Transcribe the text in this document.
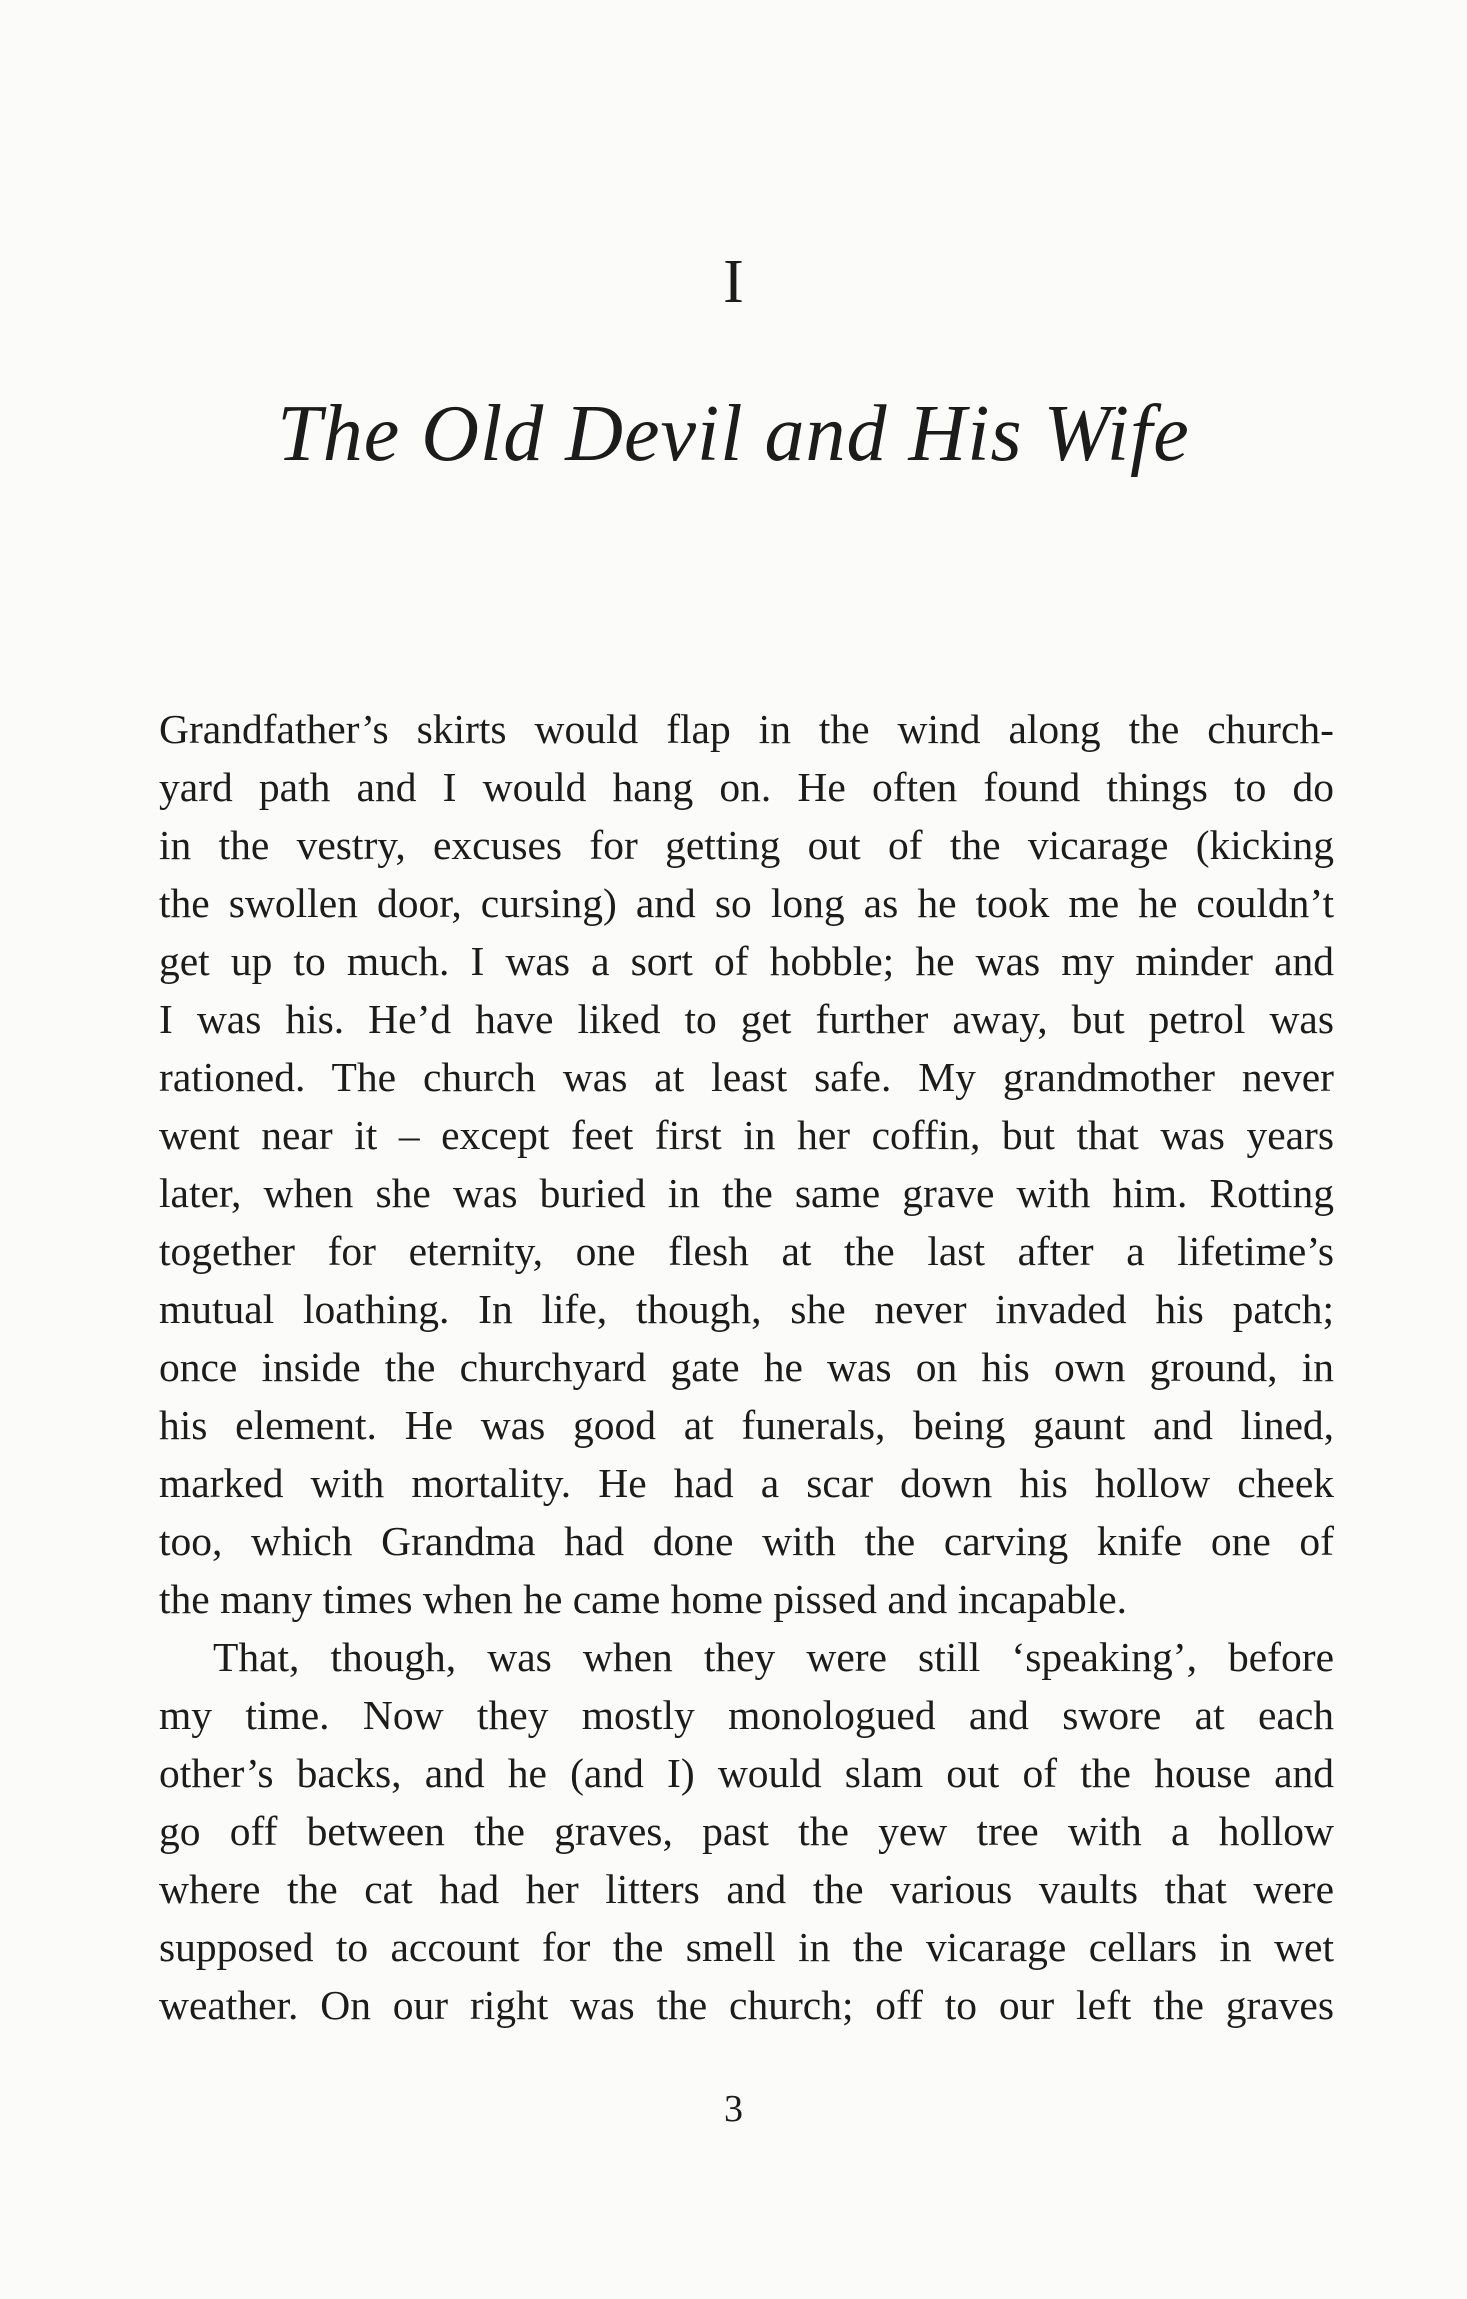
I
The Old Devil and His Wife

Grandfather’s skirts would flap in the wind along the church-
yard path and I would hang on. He often found things to do
in the vestry, excuses for getting out of the vicarage (kicking
the swollen door, cursing) and so long as he took me he couldn’t
get up to much. I was a sort of hobble; he was my minder and
I was his. He’d have liked to get further away, but petrol was
rationed. The church was at least safe. My grandmother never
went near it – except feet first in her coffin, but that was years
later, when she was buried in the same grave with him. Rotting
together for eternity, one flesh at the last after a lifetime’s
mutual loathing. In life, though, she never invaded his patch;
once inside the churchyard gate he was on his own ground, in
his element. He was good at funerals, being gaunt and lined,
marked with mortality. He had a scar down his hollow cheek
too, which Grandma had done with the carving knife one of
the many times when he came home pissed and incapable.

That, though, was when they were still ‘speaking’, before
my time. Now they mostly monologued and swore at each
other’s backs, and he (and I) would slam out of the house and
go off between the graves, past the yew tree with a hollow
where the cat had her litters and the various vaults that were
supposed to account for the smell in the vicarage cellars in wet
weather. On our right was the church; off to our left the graves

3
